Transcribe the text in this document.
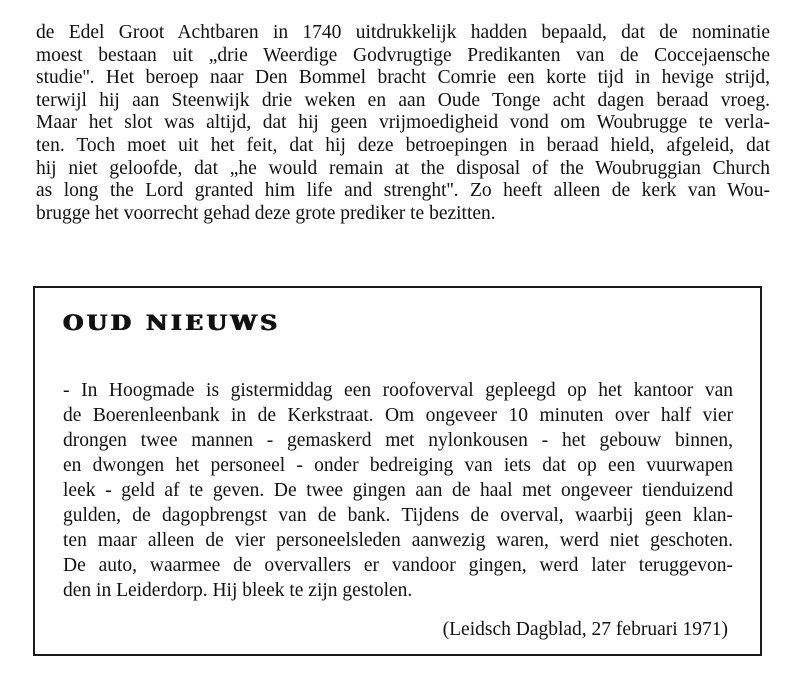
de Edel Groot Achtbaren in 1740 uitdrukkelijk hadden bepaald, dat de nominatie
moest bestaan uit „drie Weerdige Godvrugtige Predikanten van de Coccejaensche
studie''. Het beroep naar Den Bommel bracht Comrie een korte tijd in hevige strijd,
terwijl hij aan Steenwijk drie weken en aan Oude Tonge acht dagen beraad vroeg.
Maar het slot was altijd, dat hij geen vrijmoedigheid vond om Woubrugge te verla-
ten. Toch moet uit het feit, dat hij deze betroepingen in beraad hield, afgeleid, dat
hij niet geloofde, dat „he would remain at the disposal of the Woubruggian Church
as long the Lord granted him life and strenght''. Zo heeft alleen de kerk van Wou-
brugge het voorrecht gehad deze grote prediker te bezitten.
OUD NIEUWS
- In Hoogmade is gistermiddag een roofoverval gepleegd op het kantoor van
de Boerenleenbank in de Kerkstraat. Om ongeveer 10 minuten over half vier
drongen twee mannen - gemaskerd met nylonkousen - het gebouw binnen,
en dwongen het personeel - onder bedreiging van iets dat op een vuurwapen
leek - geld af te geven. De twee gingen aan de haal met ongeveer tienduizend
gulden, de dagopbrengst van de bank. Tijdens de overval, waarbij geen klan-
ten maar alleen de vier personeelsleden aanwezig waren, werd niet geschoten.
De auto, waarmee de overvallers er vandoor gingen, werd later teruggevon-
den in Leiderdorp. Hij bleek te zijn gestolen.
(Leidsch Dagblad, 27 februari 1971)
